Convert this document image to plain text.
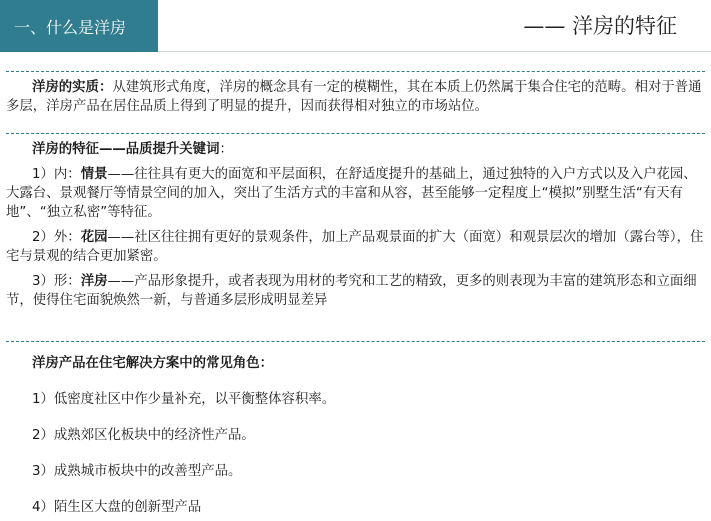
一、什么是洋房	—— 洋房的特征

洋房的实质：从建筑形式角度，洋房的概念具有一定的模糊性，其在本质上仍然属于集合住宅的范畴。相对于普通多层，洋房产品在居住品质上得到了明显的提升，因而获得相对独立的市场站位。

洋房的特征——品质提升关键词：

1）内：情景——往往具有更大的面宽和平层面积，在舒适度提升的基础上，通过独特的入户方式以及入户花园、大露台、景观餐厅等情景空间的加入，突出了生活方式的丰富和从容，甚至能够一定程度上“模拟”别墅生活“有天有地”、“独立私密”等特征。

2）外：花园——社区往往拥有更好的景观条件，加上产品观景面的扩大（面宽）和观景层次的增加（露台等），住宅与景观的结合更加紧密。

3）形：洋房——产品形象提升，或者表现为用材的考究和工艺的精致，更多的则表现为丰富的建筑形态和立面细节，使得住宅面貌焕然一新，与普通多层形成明显差异

洋房产品在住宅解决方案中的常见角色：

1）低密度社区中作少量补充，以平衡整体容积率。
2）成熟郊区化板块中的经济性产品。
3）成熟城市板块中的改善型产品。
4）陌生区大盘的创新型产品
